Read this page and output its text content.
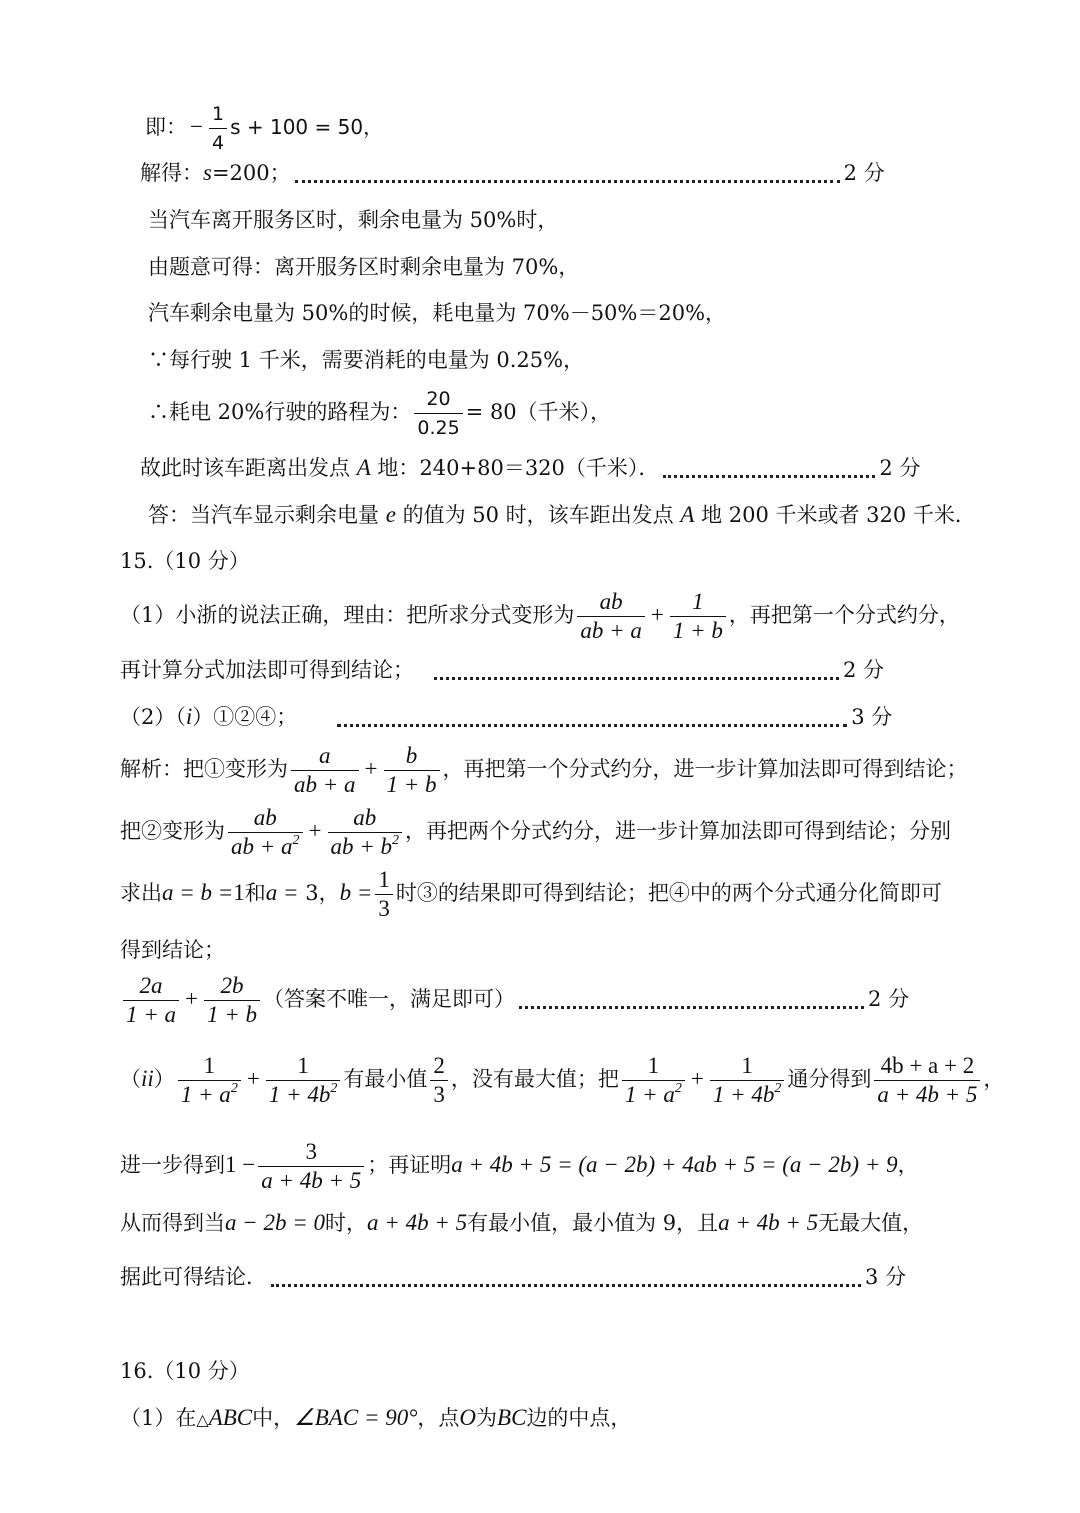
即： − $\frac{1}{4}$ s + 100 = 50，
解得：s=200；	2 分
当汽车离开服务区时，剩余电量为 50%时，
由题意可得：离开服务区时剩余电量为 70%，
汽车剩余电量为 50%的时候，耗电量为 70%－50%＝20%，
∵每行驶 1 千米，需要消耗的电量为 0.25%，
∴耗电 20%行驶的路程为： $\frac{20}{0.25} = 80$（千米），
故此时该车距离出发点 A 地：240+80＝320（千米）．	2 分
答：当汽车显示剩余电量 e 的值为 50 时，该车距出发点 A 地 200 千米或者 320 千米．
15.（10 分）
（1）小浙的说法正确，理由：把所求分式变形为 $\frac{ab}{ab + a} + \frac{1}{1 + b}$ ，再把第一个分式约分，
再计算分式加法即可得到结论；	2 分
（2）（i）①②④；	3 分
解析：把①变形为 $\frac{a}{ab + a} + \frac{b}{1 + b}$ ，再把第一个分式约分，进一步计算加法即可得到结论；
把②变形为 $\frac{ab}{ab + a^2} + \frac{ab}{ab + b^2}$ ，再把两个分式约分，进一步计算加法即可得到结论；分别
求出a = b =1和a = 3，$b = \frac{1}{3}$ 时③的结果即可得到结论；把④中的两个分式通分化简即可
得到结论；
$\frac{2a}{1 + a} + \frac{2b}{1 + b}$ （答案不唯一，满足即可）	2 分
$(ii) \frac{1}{1 + a^2} + \frac{1}{1 + 4b^2}$ 有最小值 $\frac{2}{3}$ ，没有最大值；把 $\frac{1}{1 + a^2} + \frac{1}{1 + 4b^2}$ 通分得到 $\frac{4b + a + 2}{a + 4b + 5}$ ，
进一步得到$1 - \frac{3}{a + 4b + 5}$ ；再证明a + 4b + 5 = (a − 2b) + 4ab + 5 = (a − 2b) + 9，
从而得到当a − 2b = 0时，a + 4b + 5有最小值，最小值为 9，且a + 4b + 5无最大值，
据此可得结论．	3 分
16.（10 分）
（1）在△ABC中，∠BAC = 90°，点O为BC边的中点，
